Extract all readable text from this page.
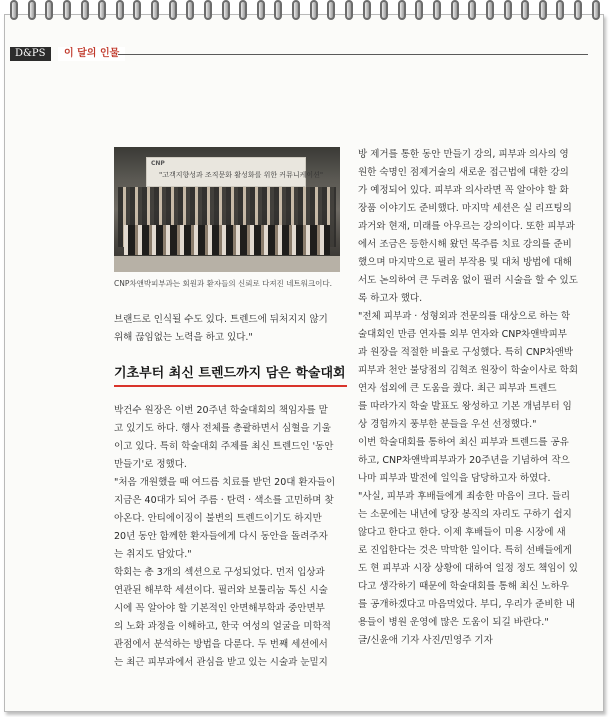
D&PS	이 달의 인물
CNP
"고객지향성과 조직문화 활성화를 위한 커뮤니케이션"
CNP차앤박피부과는 회원과 환자들의 신뢰로 다져진 네트워크이다.
브랜드로 인식될 수도 있다. 트렌드에 뒤처지지 않기
위해 끊임없는 노력을 하고 있다."
기초부터 최신 트렌드까지 담은 학술대회
박건수 원장은 이번 20주년 학술대회의 책임자를 맡
고 있기도 하다. 행사 전체를 총괄하면서 심혈을 기울
이고 있다. 특히 학술대회 주제를 최신 트렌드인 '동안
만들기'로 정했다.
"처음 개원했을 때 여드름 치료를 받던 20대 환자들이
지금은 40대가 되어 주름 · 탄력 · 색소를 고민하며 찾
아온다. 안티에이징이 불변의 트렌드이기도 하지만
20년 동안 함께한 환자들에게 다시 동안을 돌려주자
는 취지도 담았다."
학회는 총 3개의 섹션으로 구성되었다. 먼저 입상과
연관된 해부학 세션이다. 필러와 보툴리눔 톡신 시술
시에 꼭 알아야 할 기본적인 안면해부학과 중안면부
의 노화 과정을 이해하고, 한국 여성의 얼굴을 미학적
관점에서 분석하는 방법을 다룬다. 두 번째 세션에서
는 최근 피부과에서 관심을 받고 있는 시술과 눈밑지
방 제거를 통한 동안 만들기 강의, 피부과 의사의 영
원한 숙명인 점제거술의 새로운 접근법에 대한 강의
가 예정되어 있다. 피부과 의사라면 꼭 알아야 할 화
장품 이야기도 준비했다. 마지막 세션은 실 리프팅의
과거와 현재, 미래를 아우르는 강의이다. 또한 피부과
에서 조금은 등한시해 왔던 목주름 치료 강의를 준비
했으며 마지막으로 필러 부작용 및 대처 방법에 대해
서도 논의하여 큰 두려움 없이 필러 시술을 할 수 있도
록 하고자 했다.
"전체 피부과 · 성형외과 전문의를 대상으로 하는 학
술대회인 만큼 연자를 외부 연자와 CNP차앤박피부
과 원장을 적절한 비율로 구성했다. 특히 CNP차앤박
피부과 천안 불당점의 김혁조 원장이 학술이사로 학회
연자 섭외에 큰 도움을 줬다. 최근 피부과 트렌드
를 따라가지 학술 발표도 왕성하고 기본 개념부터 임
상 경험까지 풍부한 분들을 우선 선정했다."
이번 학술대회를 통하여 최신 피부과 트렌드를 공유
하고, CNP차앤박피부과가 20주년을 기념하여 작으
나마 피부과 발전에 일익을 담당하고자 하였다.
"사실, 피부과 후배들에게 죄송한 마음이 크다. 들리
는 소문에는 내년에 당장 봉직의 자리도 구하기 쉽지
않다고 한다고 한다. 이제 후배들이 미용 시장에 새
로 진입한다는 것은 막막한 일이다. 특히 선배들에게
도 현 피부과 시장 상황에 대하여 일정 정도 책임이 있
다고 생각하기 때문에 학술대회를 통해 최신 노하우
를 공개하겠다고 마음먹었다. 부디, 우리가 준비한 내
용들이 병원 운영에 많은 도움이 되길 바란다."
글/신윤애 기자 사진/민영주 기자
